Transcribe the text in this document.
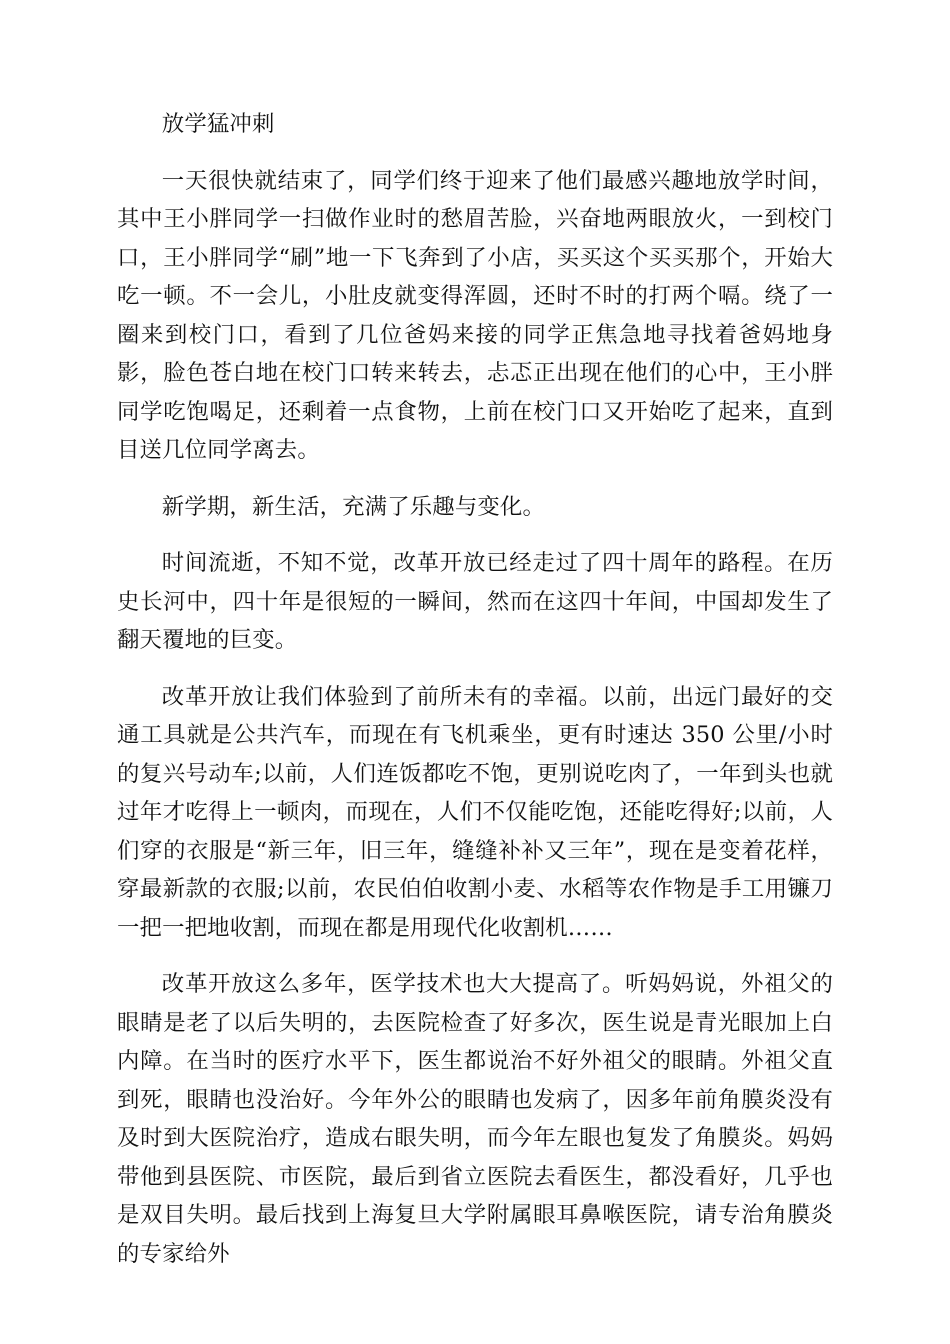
放学猛冲刺

一天很快就结束了，同学们终于迎来了他们最感兴趣地放学时间，其中王小胖同学一扫做作业时的愁眉苦脸，兴奋地两眼放火，一到校门口，王小胖同学“刷”地一下飞奔到了小店，买买这个买买那个，开始大吃一顿。不一会儿，小肚皮就变得浑圆，还时不时的打两个嗝。绕了一圈来到校门口，看到了几位爸妈来接的同学正焦急地寻找着爸妈地身影，脸色苍白地在校门口转来转去，忐忑正出现在他们的心中，王小胖同学吃饱喝足，还剩着一点食物，上前在校门口又开始吃了起来，直到目送几位同学离去。

新学期，新生活，充满了乐趣与变化。

时间流逝，不知不觉，改革开放已经走过了四十周年的路程。在历史长河中，四十年是很短的一瞬间，然而在这四十年间，中国却发生了翻天覆地的巨变。

改革开放让我们体验到了前所未有的幸福。以前，出远门最好的交通工具就是公共汽车，而现在有飞机乘坐，更有时速达 350 公里/小时的复兴号动车;以前，人们连饭都吃不饱，更别说吃肉了，一年到头也就过年才吃得上一顿肉，而现在，人们不仅能吃饱，还能吃得好;以前，人们穿的衣服是“新三年，旧三年，缝缝补补又三年”，现在是变着花样，穿最新款的衣服;以前，农民伯伯收割小麦、水稻等农作物是手工用镰刀一把一把地收割，而现在都是用现代化收割机……

改革开放这么多年，医学技术也大大提高了。听妈妈说，外祖父的眼睛是老了以后失明的，去医院检查了好多次，医生说是青光眼加上白内障。在当时的医疗水平下，医生都说治不好外祖父的眼睛。外祖父直到死，眼睛也没治好。今年外公的眼睛也发病了，因多年前角膜炎没有及时到大医院治疗，造成右眼失明，而今年左眼也复发了角膜炎。妈妈带他到县医院、市医院，最后到省立医院去看医生，都没看好，几乎也是双目失明。最后找到上海复旦大学附属眼耳鼻喉医院，请专治角膜炎的专家给外
